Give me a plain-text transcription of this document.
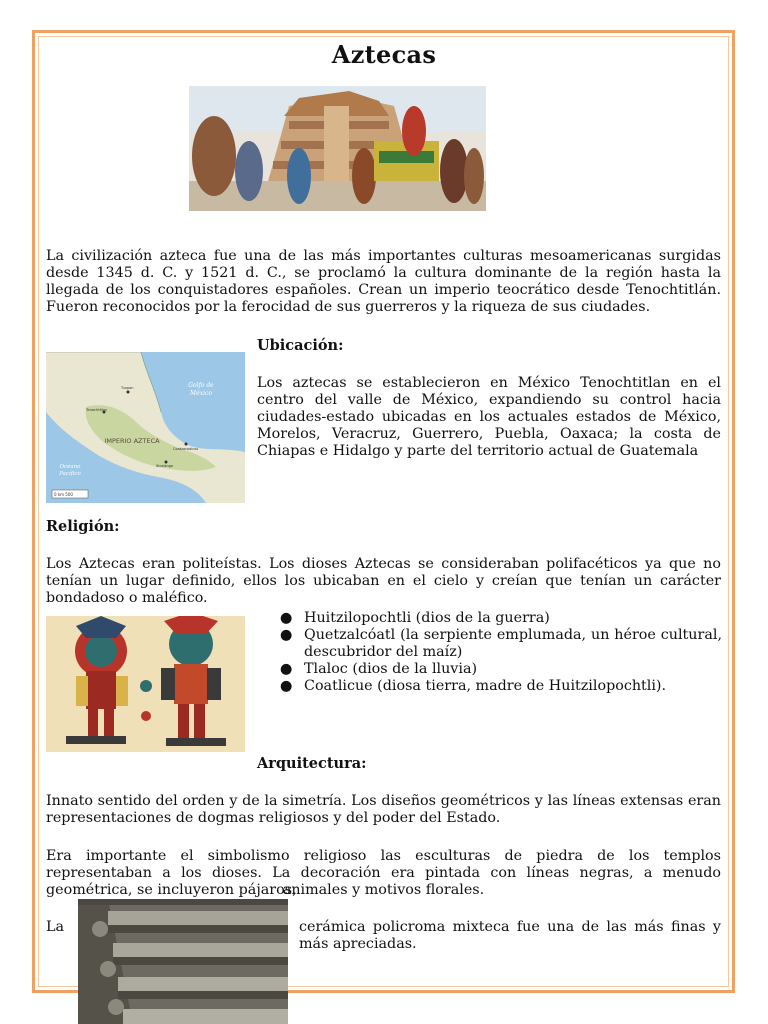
Aztecas

La civilización azteca fue una de las más importantes culturas mesoamericanas surgidas desde 1345 d. C. y 1521 d. C., se proclamó la cultura dominante de la región hasta la llegada de los conquistadores españoles. Crean un imperio teocrático desde Tenochtitlán. Fueron reconocidos por la ferocidad de sus guerreros y la riqueza de sus ciudades.

Golfo de
México
IMPERIO AZTECA
Océano
Pacífico
Tenochtitlan
Tuxpan
Coatzacoalcos
Xicalango
0 km 500
Ubicación:

Los aztecas se establecieron en México Tenochtitlan en el centro del valle de México, expandiendo su control hacia ciudades-estado ubicadas en los actuales estados de México, Morelos, Veracruz, Guerrero, Puebla, Oaxaca; la costa de Chiapas e Hidalgo y parte del territorio actual de Guatemala

Religión:

Los Aztecas eran politeístas. Los dioses Aztecas se consideraban polifacéticos ya que no tenían un lugar definido, ellos los ubicaban en el cielo y creían que tenían un carácter bondadoso o maléfico.

● Huitzilopochtli (dios de la guerra)
● Quetzalcóatl (la serpiente emplumada, un héroe cultural, descubridor del maíz)
● Tlaloc (dios de la lluvia)
● Coatlicue (diosa tierra, madre de Huitzilopochtli).
Arquitectura:

Innato sentido del orden y de la simetría. Los diseños geométricos y las líneas extensas eran representaciones de dogmas religiosos y del poder del Estado.

Era importante el simbolismo religioso las esculturas de piedra de los templos representaban a los dioses. La decoración era pintada con líneas negras, a menudo geométrica, se incluyeron pájaros,

animales y motivos florales.

La	cerámica policroma mixteca fue una de las más finas y más apreciadas.
